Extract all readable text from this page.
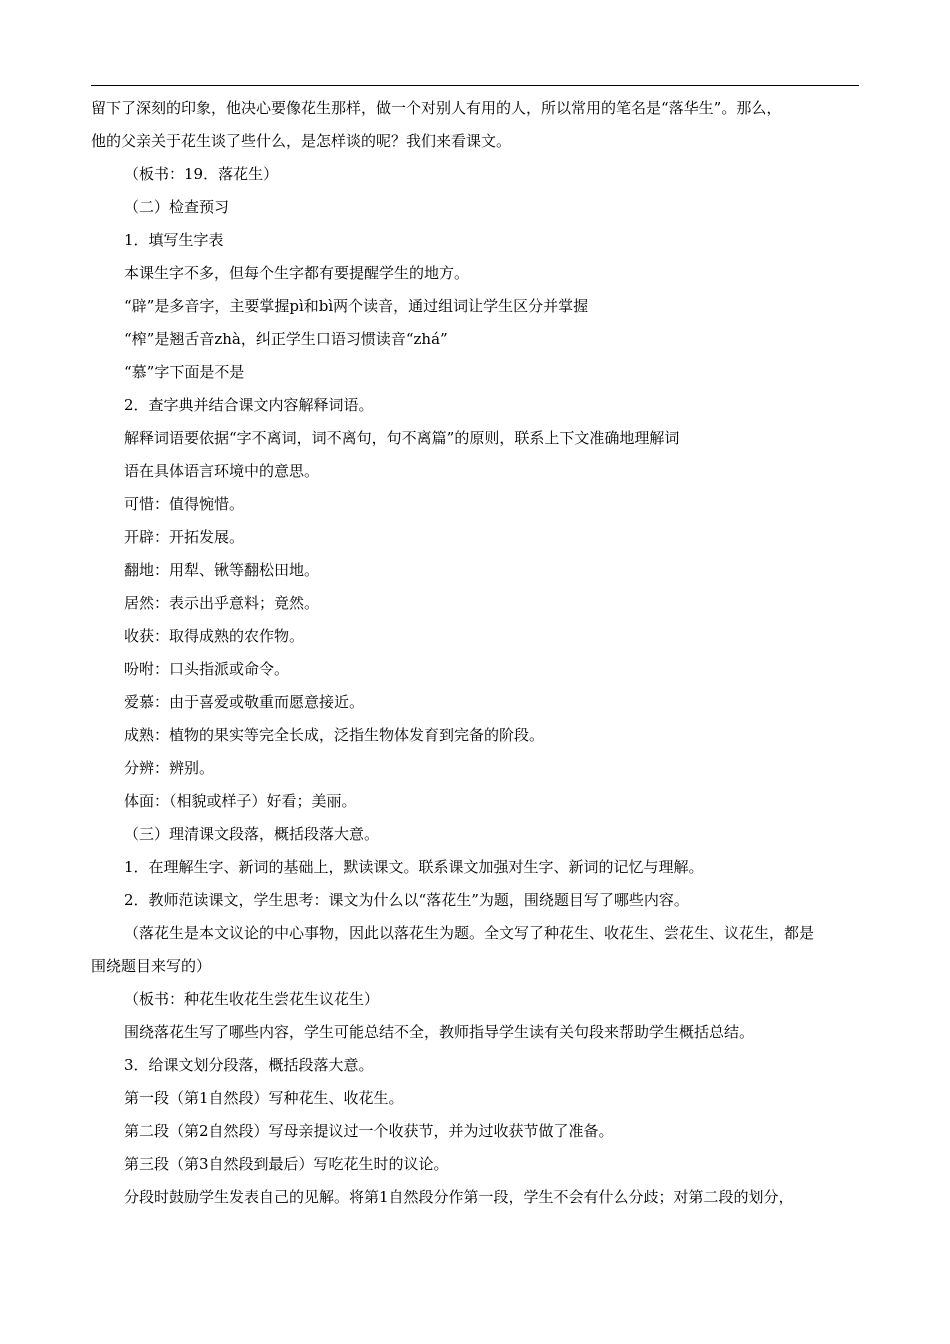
留下了深刻的印象，他决心要像花生那样，做一个对别人有用的人，所以常用的笔名是“落华生”。那么，
他的父亲关于花生谈了些什么，是怎样谈的呢？我们来看课文。
（板书：19．落花生）
（二）检查预习
1．填写生字表
本课生字不多，但每个生字都有要提醒学生的地方。
“辟”是多音字，主要掌握pì和bì两个读音，通过组词让学生区分并掌握
“榨”是翘舌音zhà，纠正学生口语习惯读音“zhá”
“慕”字下面是不是
2．查字典并结合课文内容解释词语。
解释词语要依据“字不离词，词不离句，句不离篇”的原则，联系上下文准确地理解词
语在具体语言环境中的意思。
可惜：值得惋惜。
开辟：开拓发展。
翻地：用犁、锹等翻松田地。
居然：表示出乎意料；竟然。
收获：取得成熟的农作物。
吩咐：口头指派或命令。
爱慕：由于喜爱或敬重而愿意接近。
成熟：植物的果实等完全长成，泛指生物体发育到完备的阶段。
分辨：辨别。
体面：（相貌或样子）好看；美丽。
（三）理清课文段落，概括段落大意。
1．在理解生字、新词的基础上，默读课文。联系课文加强对生字、新词的记忆与理解。
2．教师范读课文，学生思考：课文为什么以“落花生”为题，围绕题目写了哪些内容。
（落花生是本文议论的中心事物，因此以落花生为题。全文写了种花生、收花生、尝花生、议花生，都是
围绕题目来写的）
（板书：种花生收花生尝花生议花生）
围绕落花生写了哪些内容，学生可能总结不全，教师指导学生读有关句段来帮助学生概括总结。
3．给课文划分段落，概括段落大意。
第一段（第1自然段）写种花生、收花生。
第二段（第2自然段）写母亲提议过一个收获节，并为过收获节做了准备。
第三段（第3自然段到最后）写吃花生时的议论。
分段时鼓励学生发表自己的见解。将第1自然段分作第一段，学生不会有什么分歧；对第二段的划分，
